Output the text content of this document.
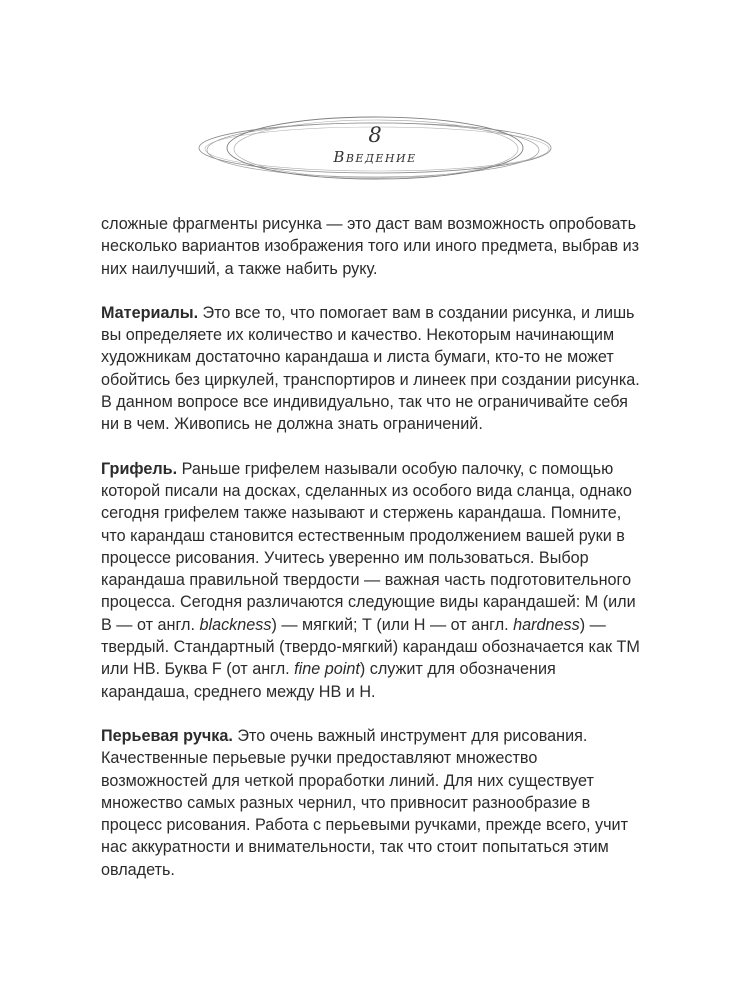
8
Введение

сложные фрагменты рисунка — это даст вам возможность опробовать несколько вариантов изображения того или иного предмета, выбрав из них наилучший, а также набить руку.

Материалы. Это все то, что помогает вам в создании рисунка, и лишь вы определяете их количество и качество. Некоторым начинающим художникам достаточно карандаша и листа бумаги, кто-то не может обойтись без циркулей, транспортиров и линеек при создании рисунка. В данном вопросе все индивидуально, так что не ограничивайте себя ни в чем. Живопись не должна знать ограничений.

Грифель. Раньше грифелем называли особую палочку, с помощью которой писали на досках, сделанных из особого вида сланца, однако сегодня грифелем также называют и стержень карандаша. Помните, что карандаш становится естественным продолжением вашей руки в процессе рисования. Учитесь уверенно им пользоваться. Выбор карандаша правильной твердости — важная часть подготовительного процесса. Сегодня различаются следующие виды карандашей: М (или В — от англ. blackness) — мягкий; Т (или Н — от англ. hardness) — твердый. Стандартный (твердо-мягкий) карандаш обозначается как ТМ или НВ. Буква F (от англ. fine point) служит для обозначения карандаша, среднего между НВ и Н.

Перьевая ручка. Это очень важный инструмент для рисования. Качественные перьевые ручки предоставляют множество возможностей для четкой проработки линий. Для них существует множество самых разных чернил, что привносит разнообразие в процесс рисования. Работа с перьевыми ручками, прежде всего, учит нас аккуратности и внимательности, так что стоит попытаться этим овладеть.
